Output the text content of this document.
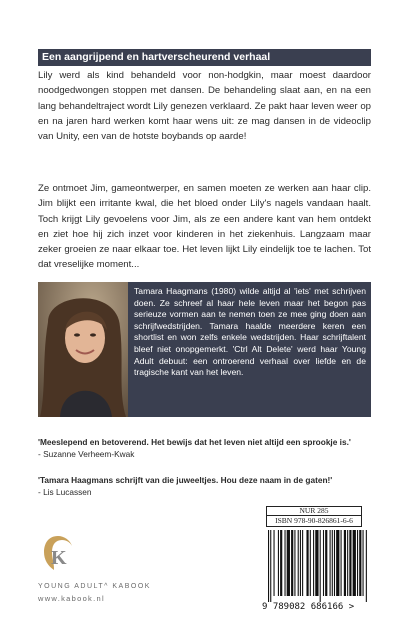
Een aangrijpend en hartverscheurend verhaal
Lily werd als kind behandeld voor non-hodgkin, maar moest daardoor noodgedwongen stoppen met dansen. De behandeling slaat aan, en na een lang behandeltraject wordt Lily genezen verklaard. Ze pakt haar leven weer op en na jaren hard werken komt haar wens uit: ze mag dansen in de videoclip van Unity, een van de hotste boybands op aarde!
Ze ontmoet Jim, gameontwerper, en samen moeten ze werken aan haar clip. Jim blijkt een irritante kwal, die het bloed onder Lily's nagels vandaan haalt. Toch krijgt Lily gevoelens voor Jim, als ze een andere kant van hem ontdekt en ziet hoe hij zich inzet voor kinderen in het ziekenhuis. Langzaam maar zeker groeien ze naar elkaar toe. Het leven lijkt Lily eindelijk toe te lachen. Tot dat vreselijke moment...
Tamara Haagmans (1980) wilde altijd al 'iets' met schrijven doen. Ze schreef al haar hele leven maar het begon pas serieuze vormen aan te nemen toen ze mee ging doen aan schrijfwedstrijden. Tamara haalde meerdere keren een shortlist en won zelfs enkele wedstrijden. Haar schrijftalent bleef niet onopgemerkt. 'Ctrl Alt Delete' werd haar Young Adult debuut: een ontroerend verhaal over liefde en de tragische kant van het leven.
'Meeslepend en betoverend. Het bewijs dat het leven niet altijd een sprookje is.'
- Suzanne Verheem-Kwak
'Tamara Haagmans schrijft van die juweeltjes. Hou deze naam in de gaten!'
- Lis Lucassen
K
YOUNG ADULT^ KABOOK
www.kabook.nl
NUR 285
ISBN 978-90-826861-6-6
9 789082 686166 >
